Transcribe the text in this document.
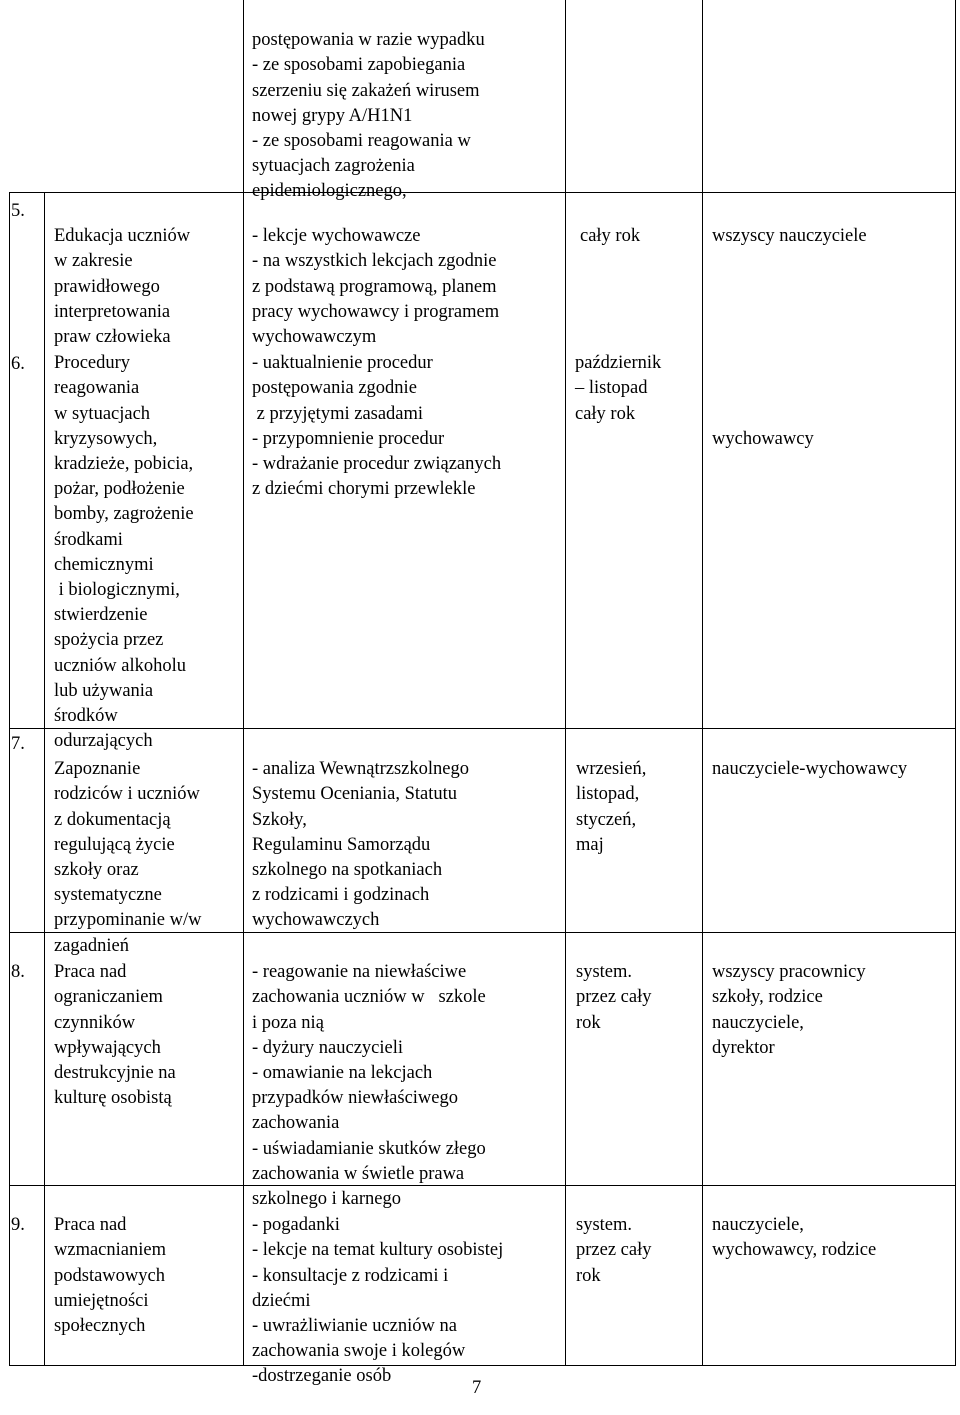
postępowania w razie wypadku
- ze sposobami zapobiegania
szerzeniu się zakażeń wirusem
nowej grypy A/H1N1
- ze sposobami reagowania w
sytuacjach zagrożenia
epidemiologicznego,

5.

Edukacja uczniów
w zakresie
prawidłowego
interpretowania
praw człowieka

- lekcje wychowawcze
- na wszystkich lekcjach zgodnie
z podstawą programową, planem
pracy wychowawcy i programem
wychowawczym

cały rok	wszyscy nauczyciele

6. Procedury
reagowania
w sytuacjach
kryzysowych,
kradzieże, pobicia,
pożar, podłożenie
bomby, zagrożenie
środkami
chemicznymi
i biologicznymi,
stwierdzenie
spożycia przez
uczniów alkoholu
lub używania
środków
odurzających

- uaktualnienie procedur
postępowania zgodnie
z przyjętymi zasadami
- przypomnienie procedur
- wdrażanie procedur związanych
z dziećmi chorymi przewlekle

październik
– listopad
cały rok

wychowawcy

7.

Zapoznanie
rodziców i uczniów
z dokumentacją
regulującą życie
szkoły oraz
systematyczne
przypominanie w/w
zagadnień

- analiza Wewnątrzszkolnego
Systemu Oceniania, Statutu
Szkoły,
Regulaminu Samorządu
szkolnego na spotkaniach
z rodzicami i godzinach
wychowawczych

wrzesień,
listopad,
styczeń,
maj

nauczyciele-wychowawcy

8. Praca nad
ograniczaniem
czynników
wpływających
destrukcyjnie na
kulturę osobistą

- reagowanie na niewłaściwe
zachowania uczniów w   szkole
i poza nią
- dyżury nauczycieli
- omawianie na lekcjach
przypadków niewłaściwego
zachowania
- uświadamianie skutków złego
zachowania w świetle prawa
szkolnego i karnego

system.
przez cały
rok

wszyscy pracownicy
szkoły, rodzice
nauczyciele,
dyrektor

9. Praca nad
wzmacnianiem
podstawowych
umiejętności
społecznych

- pogadanki
- lekcje na temat kultury osobistej
- konsultacje z rodzicami i
dziećmi
- uwrażliwianie uczniów na
zachowania swoje i kolegów
-dostrzeganie osób

system.
przez cały
rok

nauczyciele,
wychowawcy, rodzice

7
